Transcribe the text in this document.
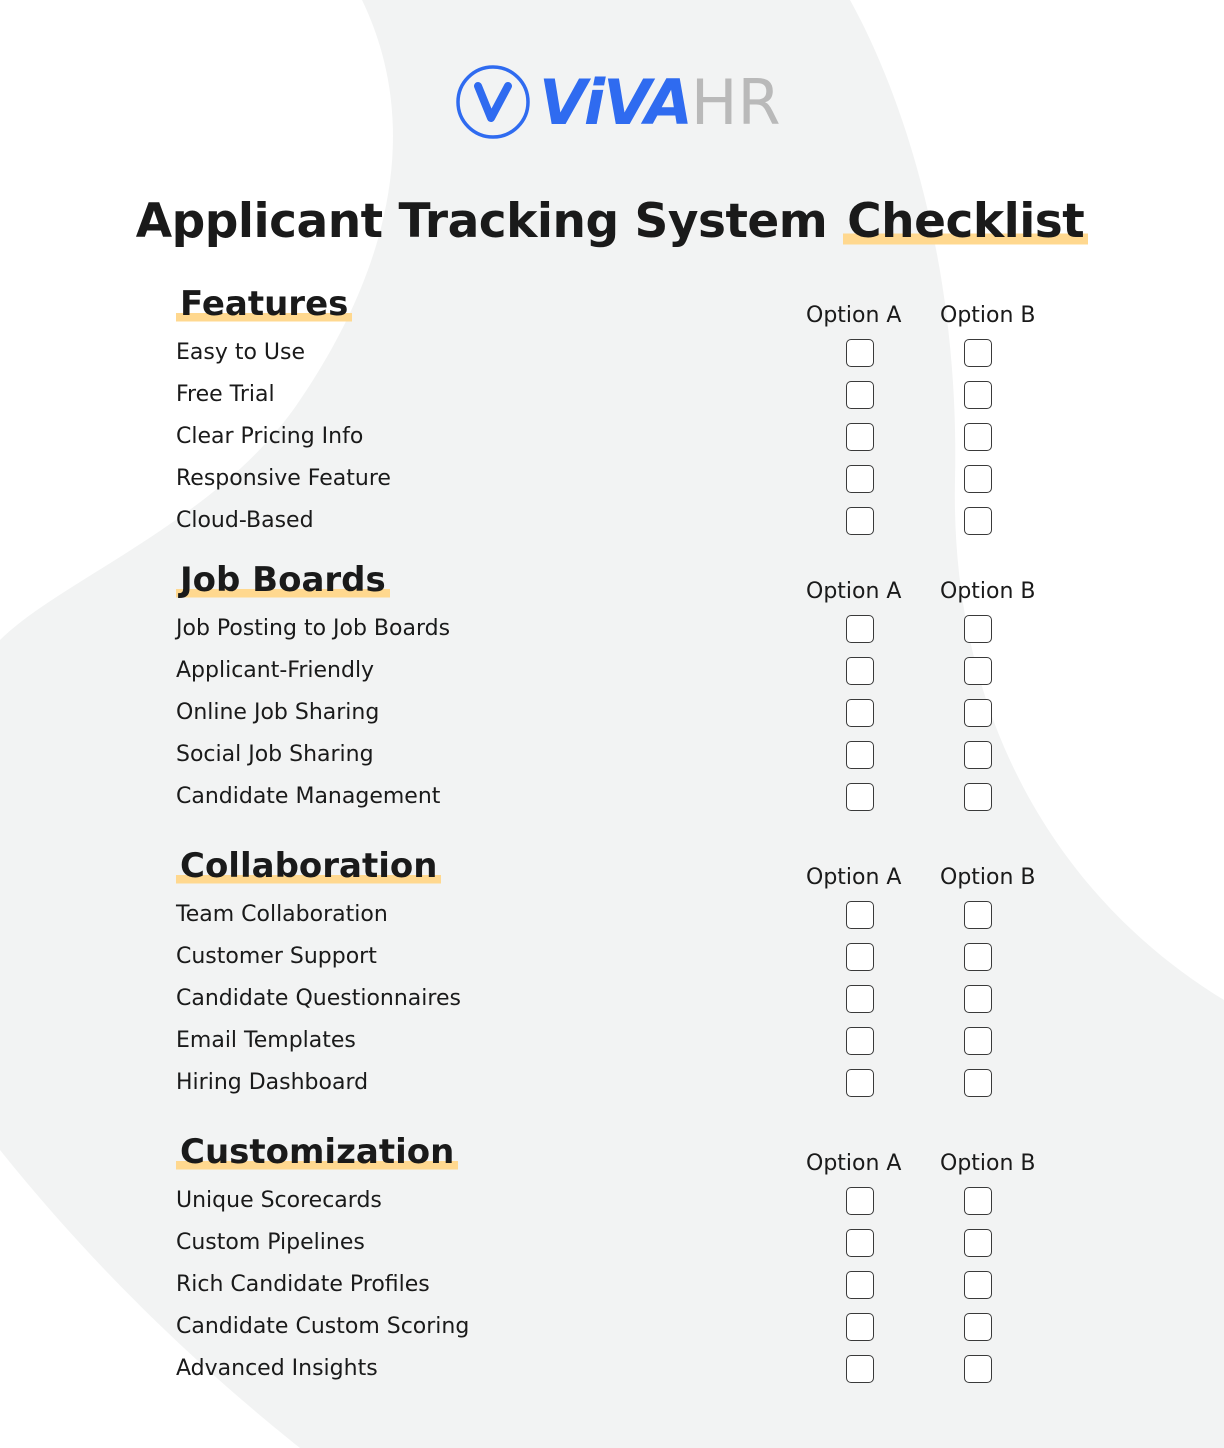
ViVAHR
Applicant Tracking System Checklist
Features	Option A Option B
Easy to Use
Free Trial
Clear Pricing Info
Responsive Feature
Cloud-Based
Job Boards	Option A Option B
Job Posting to Job Boards
Applicant-Friendly
Online Job Sharing
Social Job Sharing
Candidate Management
Collaboration	Option A Option B
Team Collaboration
Customer Support
Candidate Questionnaires
Email Templates
Hiring Dashboard
Customization	Option A Option B
Unique Scorecards
Custom Pipelines
Rich Candidate Profiles
Candidate Custom Scoring
Advanced Insights
